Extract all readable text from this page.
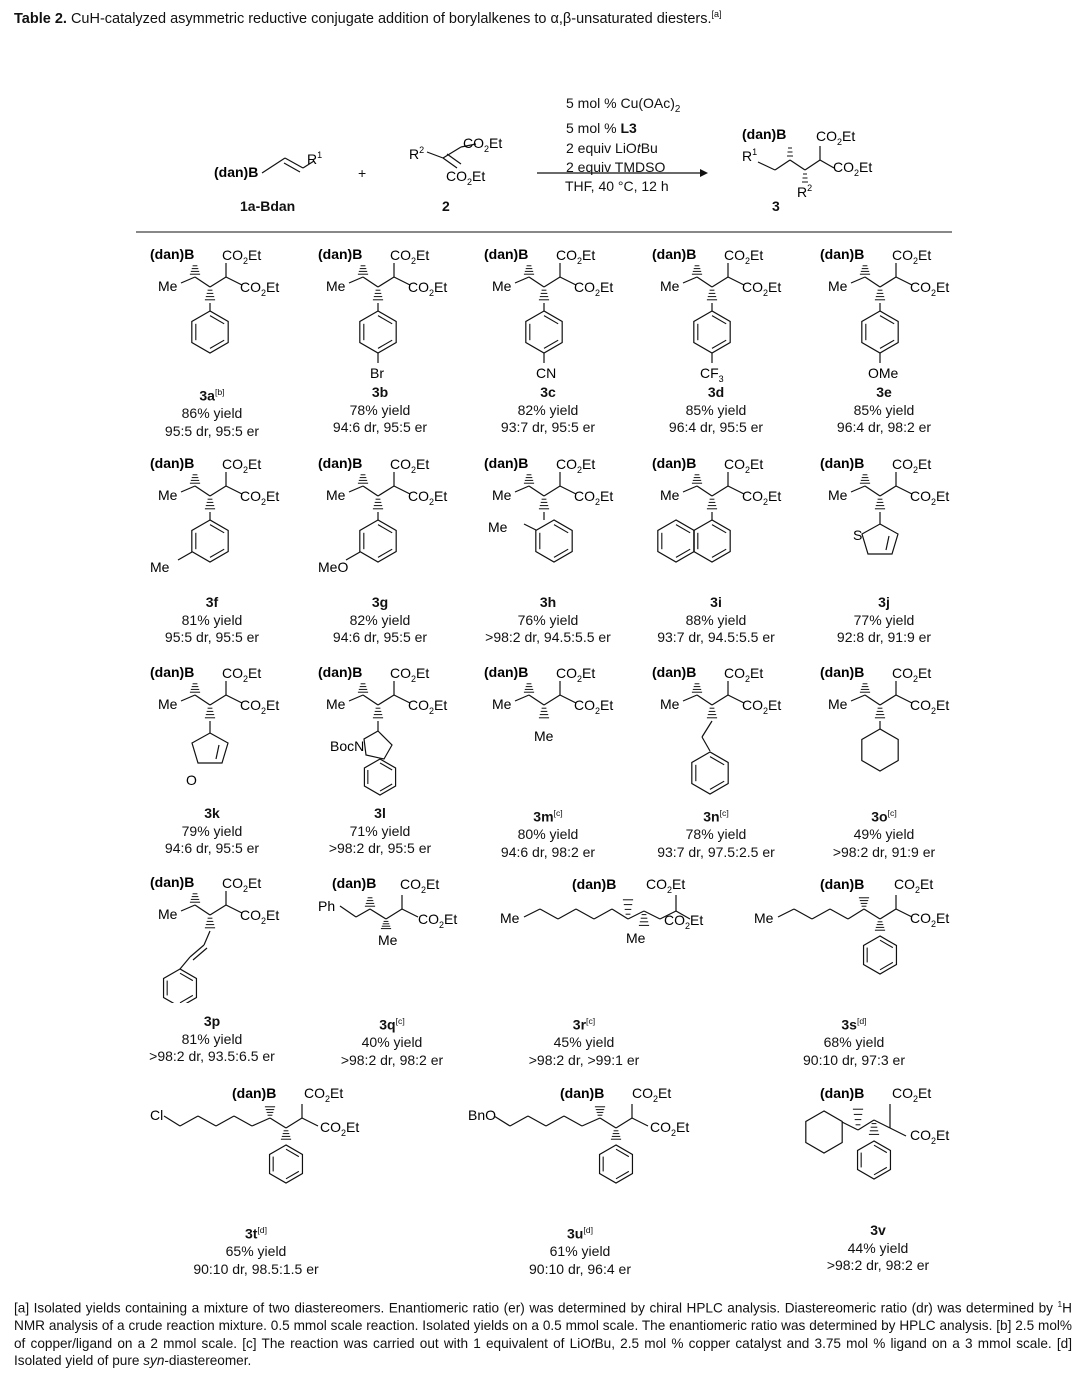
Table 2. CuH-catalyzed asymmetric reductive conjugate addition of borylalkenes to α,β-unsaturated diesters.[a]
(dan)B
$R^1$	$R^2$	$CO_2Et$
$CO_2Et$
(dan)B
$R^1$
$CO_2Et$
$CO_2Et$
$R^2$
+
1a-Bdan	2	3
5 mol % $Cu(OAc)_2$
5 mol % L3
2 equiv LiOtBu
2 equiv TMDSO
THF, 40 °C, 12 h
(dan)B $CO_2Et$
Me	$CO_2Et$
3a[b]
86% yield
95:5 dr, 95:5 er
(dan)B $CO_2Et$
Me	$CO_2Et$
Br
3b
78% yield
94:6 dr, 95:5 er
(dan)B $CO_2Et$
Me	$CO_2Et$
CN
3c
82% yield
93:7 dr, 95:5 er
(dan)B $CO_2Et$
Me	$CO_2Et$
$CF_3$
3d
85% yield
96:4 dr, 95:5 er
(dan)B $CO_2Et$
Me	$CO_2Et$
OMe
3e
85% yield
96:4 dr, 98:2 er
(dan)B $CO_2Et$
Me	$CO_2Et$
Me
3f
81% yield
95:5 dr, 95:5 er
(dan)B $CO_2Et$
Me	$CO_2Et$
MeO
3g
82% yield
94:6 dr, 95:5 er
(dan)B $CO_2Et$
Me	$CO_2Et$
Me
3h
76% yield
>98:2 dr, 94.5:5.5 er
(dan)B $CO_2Et$
Me	$CO_2Et$
3i
88% yield
93:7 dr, 94.5:5.5 er
(dan)B $CO_2Et$
Me	$CO_2Et$
S
3j
77% yield
92:8 dr, 91:9 er
(dan)B $CO_2Et$
Me	$CO_2Et$
O
3k
79% yield
94:6 dr, 95:5 er
(dan)B $CO_2Et$
Me	$CO_2Et$
BocN
3l
71% yield
>98:2 dr, 95:5 er
(dan)B $CO_2Et$
Me	$CO_2Et$
Me
3m[c]
80% yield
94:6 dr, 98:2 er
(dan)B $CO_2Et$
Me	$CO_2Et$
3n[c]
78% yield
93:7 dr, 97.5:2.5 er
(dan)B $CO_2Et$
Me	$CO_2Et$
3o[c]
49% yield
>98:2 dr, 91:9 er
(dan)B $CO_2Et$
Me	$CO_2Et$
3p
81% yield
>98:2 dr, 93.5:6.5 er
(dan)B $CO_2Et$
Ph
$CO_2Et$
Me
3q[c]
40% yield
>98:2 dr, 98:2 er
(dan)B $CO_2Et$
Me	$CO_2Et$
Me
3r[c]
45% yield
>98:2 dr, >99:1 er
(dan)B $CO_2Et$
Me	$CO_2Et$
3s[d]
68% yield
90:10 dr, 97:3 er
(dan)B $CO_2Et$
Cl
$CO_2Et$
3t[d]
65% yield
90:10 dr, 98.5:1.5 er
(dan)B $CO_2Et$
BnO
$CO_2Et$
3u[d]
61% yield
90:10 dr, 96:4 er
(dan)B $CO_2Et$
$CO_2Et$
3v
44% yield
>98:2 dr, 98:2 er
[a] Isolated yields containing a mixture of two diastereomers. Enantiomeric ratio (er) was determined by chiral HPLC analysis. Diastereomeric ratio (dr) was determined by $^1$H NMR analysis of a crude reaction mixture. 0.5 mmol scale reaction. Isolated yields on a 0.5 mmol scale. The enantiomeric ratio was determined by HPLC analysis. [b] 2.5 mol% of copper/ligand on a 2 mmol scale. [c] The reaction was carried out with 1 equivalent of LiOtBu, 2.5 mol % copper catalyst and 3.75 mol % ligand on a 3 mmol scale. [d] Isolated yield of pure syn-diastereomer.
